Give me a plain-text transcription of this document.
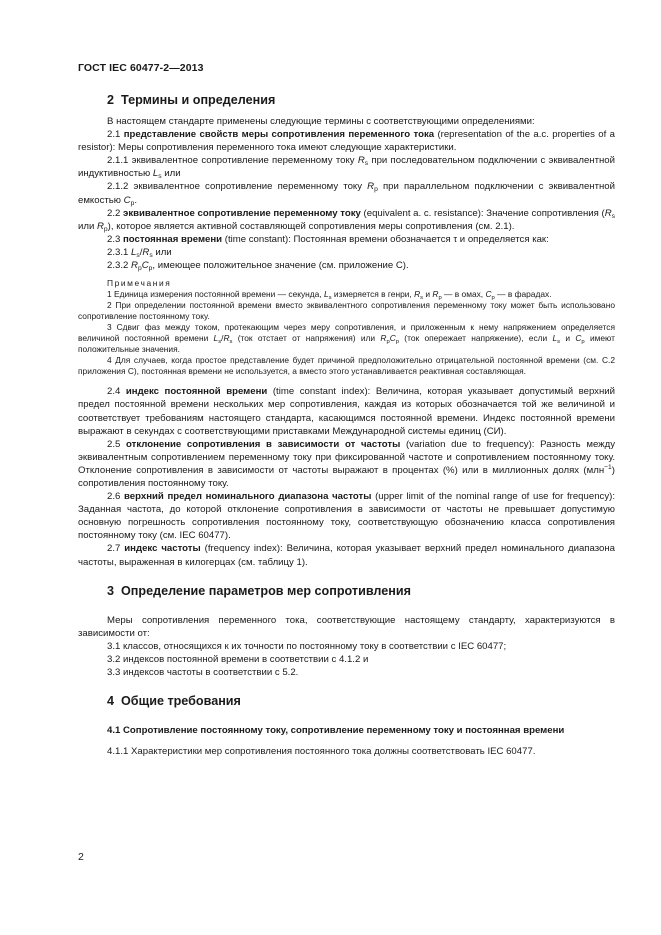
ГОСТ IEC 60477-2—2013
2  Термины и определения

В настоящем стандарте применены следующие термины с соответствующими определениями:

2.1 представление свойств меры сопротивления переменного тока (representation of the a.c. properties of a resistor): Меры сопротивления переменного тока имеют следующие характеристики.

2.1.1 эквивалентное сопротивление переменному току $R_s$ при последовательном подключении с эквивалентной индуктивностью $L_s$ или

2.1.2 эквивалентное сопротивление переменному току $R_p$ при параллельном подключении с эквивалентной емкостью $C_p$.

2.2 эквивалентное сопротивление переменному току (equivalent a. c. resistance): Значение сопротивления ($R_s$ или $R_p$), которое является активной составляющей сопротивления меры сопротивления (см. 2.1).

2.3 постоянная времени (time constant): Постоянная времени обозначается τ и определяется как:

2.3.1 $L_s/R_s$ или

2.3.2 $R_pC_p$, имеющее положительное значение (см. приложение С).

Примечания

1 Единица измерения постоянной времени — секунда, $L_s$ измеряется в генри, $R_s$ и $R_p$ — в омах, $C_p$ — в фарадах.

2 При определении постоянной времени вместо эквивалентного сопротивления переменному току может быть использовано сопротивление постоянному току.

3 Сдвиг фаз между током, протекающим через меру сопротивления, и приложенным к нему напряжением определяется величиной постоянной времени $L_s/R_s$ (ток отстает от напряжения) или $R_pC_p$ (ток опережает напряжение), если $L_s$ и $C_p$ имеют положительные значения.

4 Для случаев, когда простое представление будет причиной предположительно отрицательной постоянной времени (см. С.2 приложения С), постоянная времени не используется, а вместо этого устанавливается реактивная составляющая.

2.4 индекс постоянной времени (time constant index): Величина, которая указывает допустимый верхний предел постоянной времени нескольких мер сопротивления, каждая из которых обозначается той же величиной и соответствует требованиям настоящего стандарта, касающимся постоянной времени. Индекс постоянной времени выражают в секундах с соответствующими приставками Международной системы единиц (СИ).

2.5 отклонение сопротивления в зависимости от частоты (variation due to frequency): Разность между эквивалентным сопротивлением переменному току при фиксированной частоте и сопротивлением постоянному току. Отклонение сопротивления в зависимости от частоты выражают в процентах (%) или в миллионных долях (млн$^{-1}$) сопротивления постоянному току.

2.6 верхний предел номинального диапазона частоты (upper limit of the nominal range of use for frequency): Заданная частота, до которой отклонение сопротивления в зависимости от частоты не превышает допустимую основную погрешность сопротивления постоянному току, соответствующую обозначению класса сопротивления постоянному току (см. IEC 60477).

2.7 индекс частоты (frequency index): Величина, которая указывает верхний предел номинального диапазона частоты, выраженная в килогерцах (см. таблицу 1).

3  Определение параметров мер сопротивления

Меры сопротивления переменного тока, соответствующие настоящему стандарту, характеризуются в зависимости от:

3.1 классов, относящихся к их точности по постоянному току в соответствии с IEC 60477;

3.2 индексов постоянной времени в соответствии с 4.1.2 и

3.3 индексов частоты в соответствии с 5.2.

4  Общие требования

4.1 Сопротивление постоянному току, сопротивление переменному току и постоянная времени

4.1.1 Характеристики мер сопротивления постоянного тока должны соответствовать IEC 60477.

2
